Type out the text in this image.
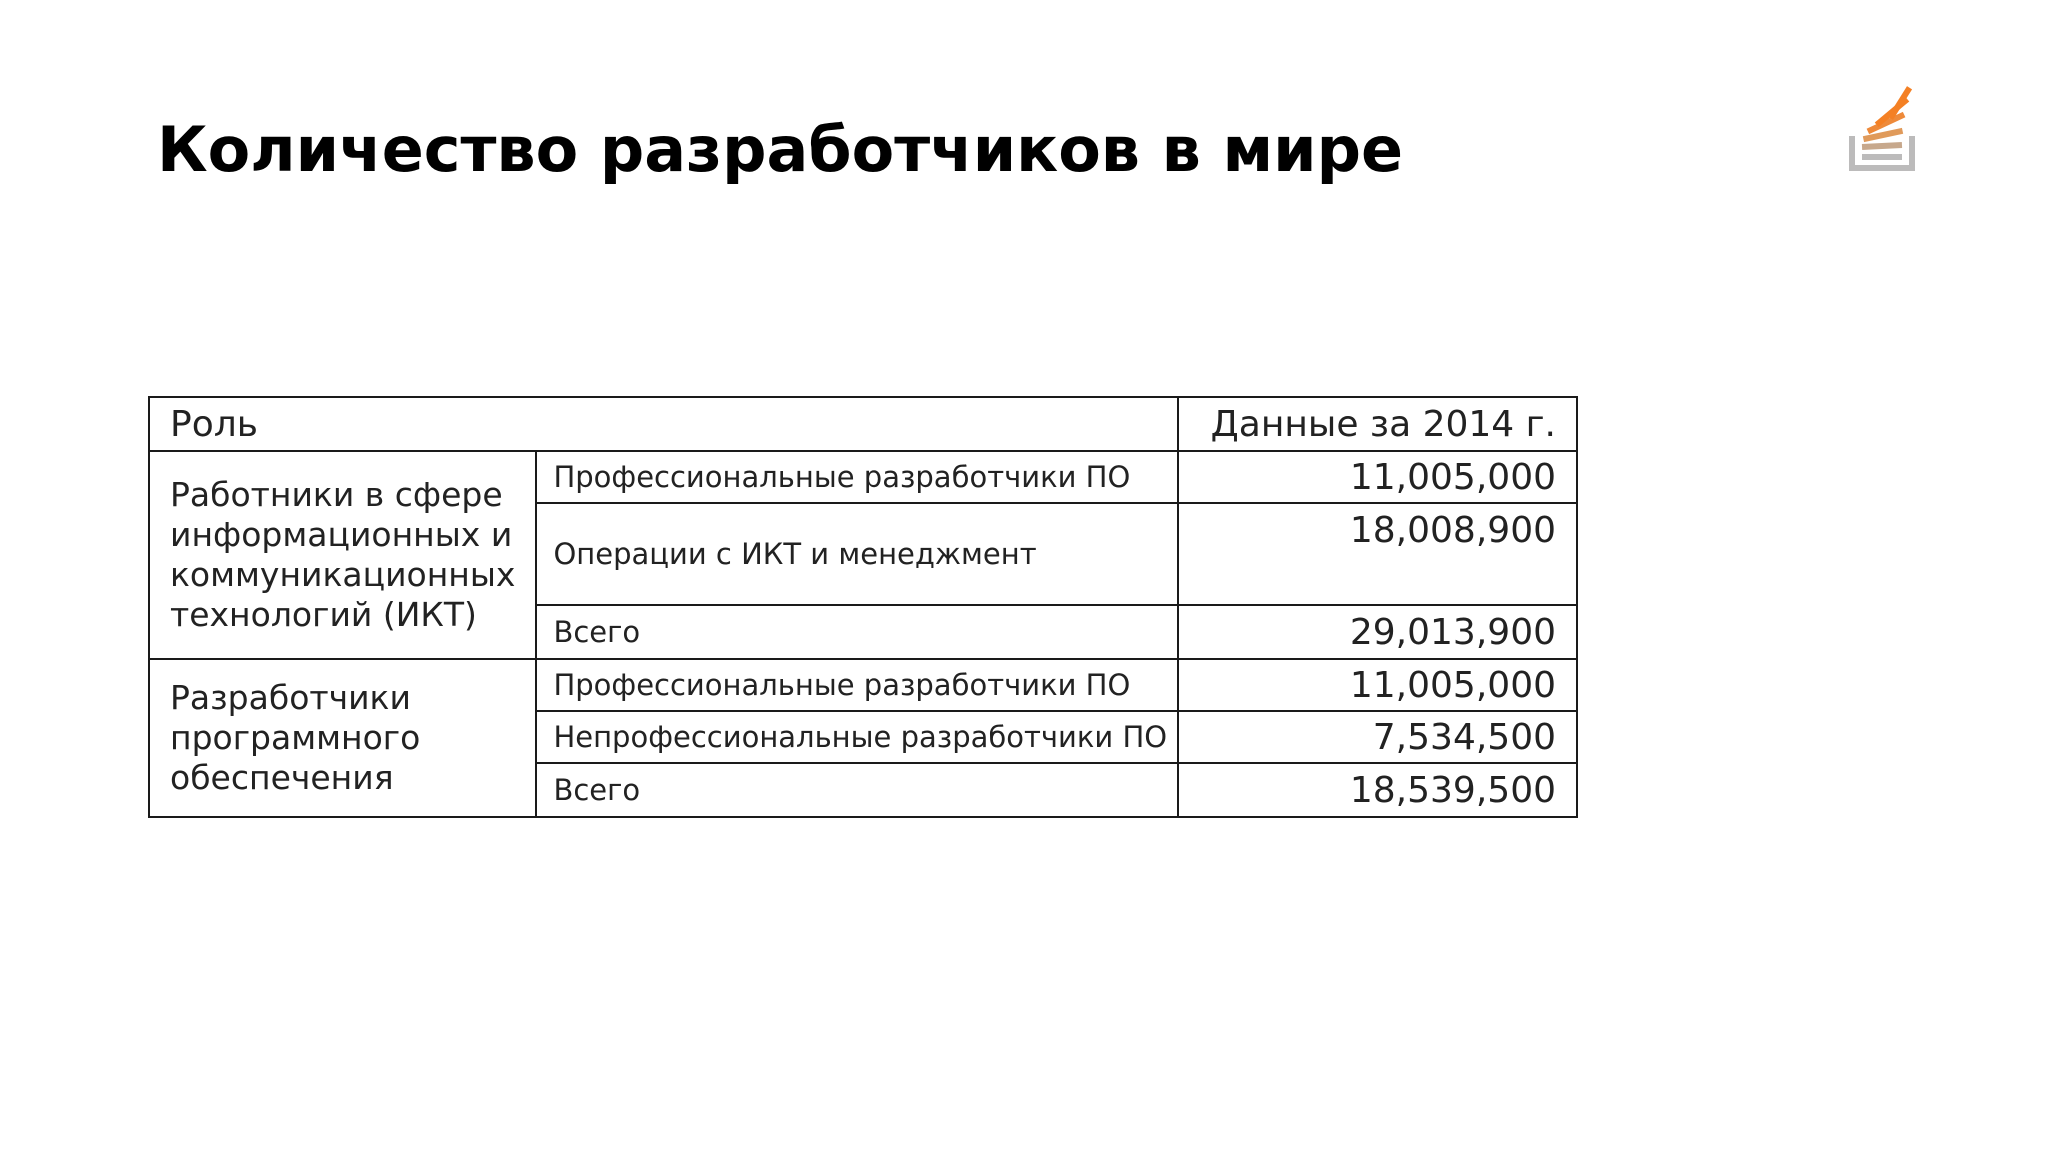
Количество разработчиков в мире
Роль		Данные за 2014 г.
Работники в сфере информационных и коммуникационных технологий (ИКТ)	Профессиональные разработчики ПО	11,005,000
	Операции с ИКТ и менеджмент	18,008,900
	Всего	29,013,900
Разработчики программного обеспечения	Профессиональные разработчики ПО	11,005,000
	Непрофессиональные разработчики ПО	7,534,500
	Всего	18,539,500
